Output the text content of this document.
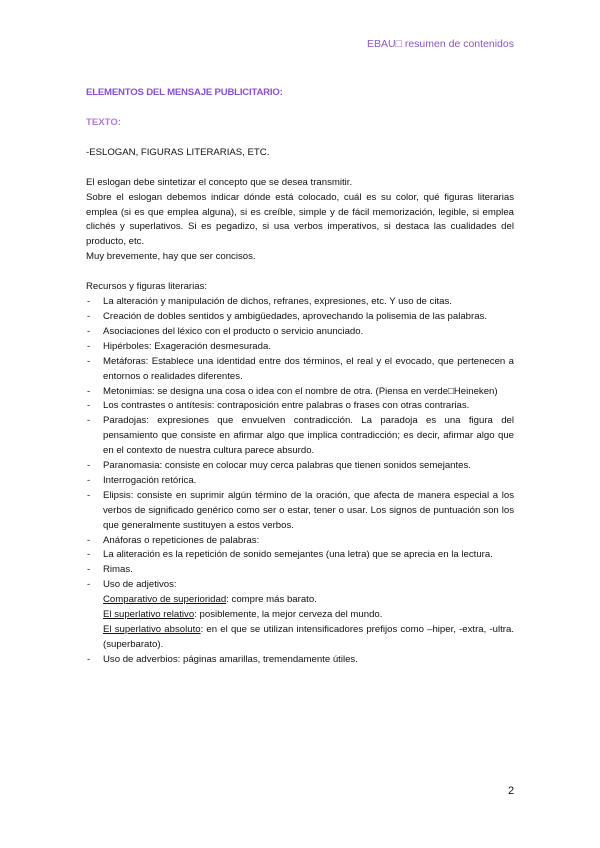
EBAU□ resumen de contenidos

ELEMENTOS DEL MENSAJE PUBLICITARIO:

TEXTO:

-ESLOGAN, FIGURAS LITERARIAS, ETC.

El eslogan debe sintetizar el concepto que se desea transmitir.

Sobre el eslogan debemos indicar dónde está colocado, cuál es su color, qué figuras literarias emplea (si es que emplea alguna), si es creíble, simple y de fácil memorización, legible, si emplea clichés y superlativos. Si es pegadizo, si usa verbos imperativos, si destaca las cualidades del producto, etc.

Muy brevemente, hay que ser concisos.

Recursos y figuras literarias:

- La alteración y manipulación de dichos, refranes, expresiones, etc. Y uso de citas.
- Creación de dobles sentidos y ambigüedades, aprovechando la polisemia de las palabras.
- Asociaciones del léxico con el producto o servicio anunciado.
- Hipérboles: Exageración desmesurada.
- Metáforas: Establece una identidad entre dos términos, el real y el evocado, que pertenecen a entornos o realidades diferentes.
- Metonimias: se designa una cosa o idea con el nombre de otra. (Piensa en verde□Heineken)
- Los contrastes o antítesis: contraposición entre palabras o frases con otras contrarias.
- Paradojas: expresiones que envuelven contradicción. La paradoja es una figura del pensamiento que consiste en afirmar algo que implica contradicción; es decir, afirmar algo que en el contexto de nuestra cultura parece absurdo.
- Paranomasia: consiste en colocar muy cerca palabras que tienen sonidos semejantes.
- Interrogación retórica.
- Elipsis: consiste en suprimir algún término de la oración, que afecta de manera especial a los verbos de significado genérico como ser o estar, tener o usar. Los signos de puntuación son los que generalmente sustituyen a estos verbos.
- Anáforas o repeticiones de palabras:
- La aliteración es la repetición de sonido semejantes (una letra) que se aprecia en la lectura.
- Rimas.
- Uso de adjetivos:

Comparativo de superioridad: compre más barato.

El superlativo relativo: posiblemente, la mejor cerveza del mundo.

El superlativo absoluto: en el que se utilizan intensificadores prefijos como –hiper, -extra, -ultra. (superbarato).

- Uso de adverbios: páginas amarillas, tremendamente útiles.
2
